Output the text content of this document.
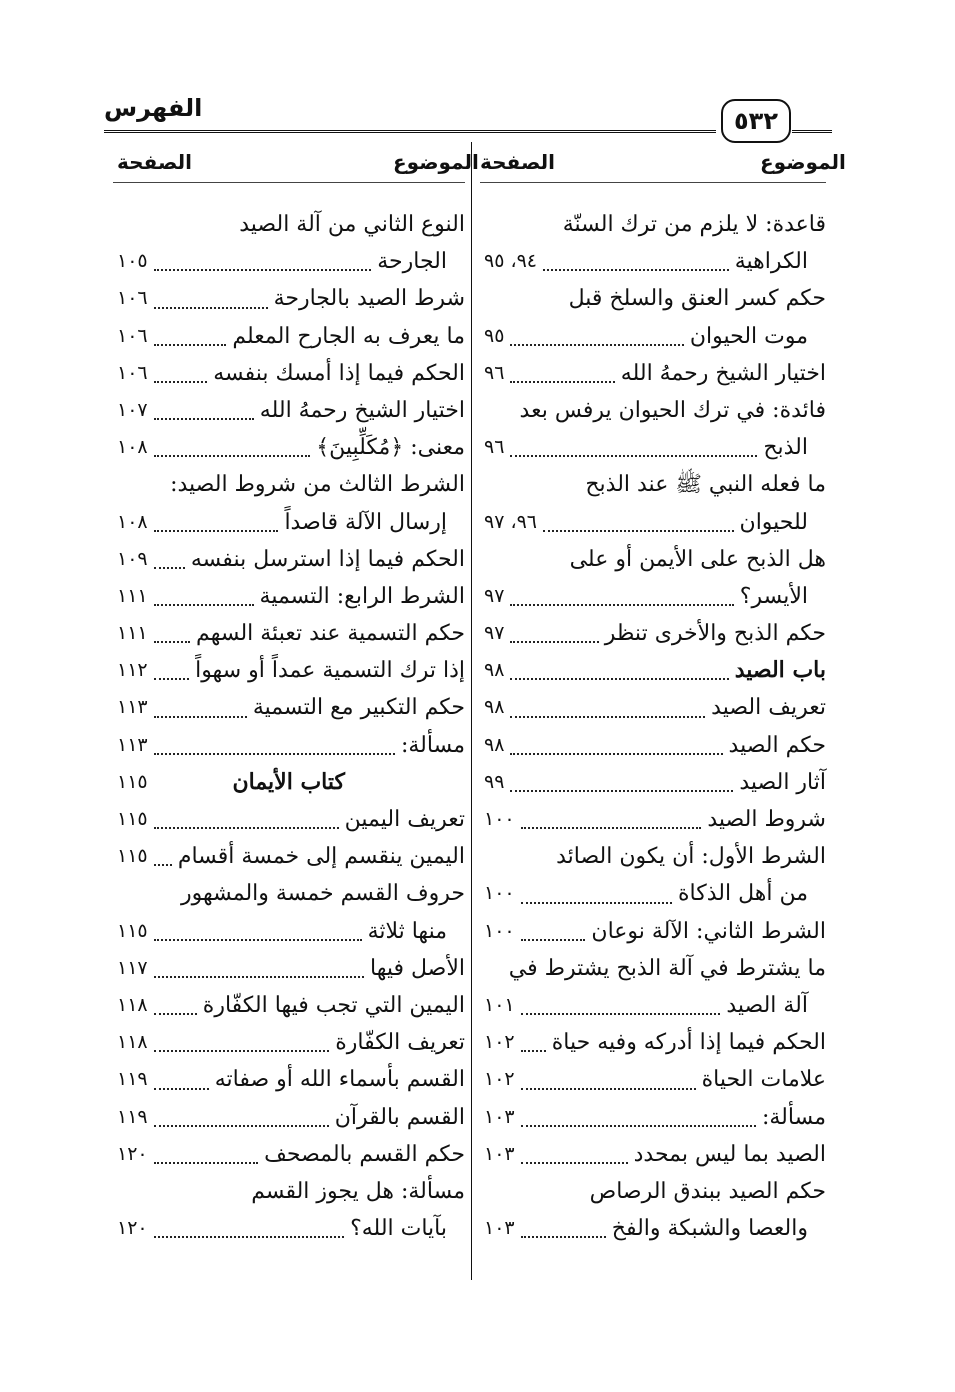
الفهرس	٥٣٢
الموضوع
الصفحة
الموضوع
الصفحة
قاعدة: لا يلزم من ترك السنّة
الكراهية
٩٤، ٩٥
حكم كسر العنق والسلخ قبل
موت الحيوان
٩٥
اختيار الشيخ رحمهُ الله
٩٦
فائدة: في ترك الحيوان يرفس بعد
الذبح
٩٦
ما فعله النبي ﷺ عند الذبح
للحيوان
٩٦، ٩٧
هل الذبح على الأيمن أو على
الأيسر؟
٩٧
حكم الذبح والأخرى تنظر
٩٧
باب الصيد
٩٨
تعريف الصيد
٩٨
حكم الصيد
٩٨
آثار الصيد
٩٩
شروط الصيد
١٠٠
الشرط الأول: أن يكون الصائد
من أهل الذكاة
١٠٠
الشرط الثاني: الآلة نوعان
١٠٠
ما يشترط في آلة الذبح يشترط في
آلة الصيد
١٠١
الحكم فيما إذا أدركه وفيه حياة
١٠٢
علامات الحياة
١٠٢
مسألة:
١٠٣
الصيد بما ليس بمحدد
١٠٣
حكم الصيد ببندق الرصاص
والعصا والشبكة والفخ
١٠٣
النوع الثاني من آلة الصيد
الجارحة
١٠٥
شرط الصيد بالجارحة
١٠٦
ما يعرف به الجارح المعلم
١٠٦
الحكم فيما إذا أمسك بنفسه
١٠٦
اختيار الشيخ رحمهُ الله
١٠٧
معنى: ﴿مُكَلِّبِينَ﴾
١٠٨
الشرط الثالث من شروط الصيد:
إرسال الآلة قاصداً
١٠٨
الحكم فيما إذا استرسل بنفسه
١٠٩
الشرط الرابع: التسمية
١١١
حكم التسمية عند تعبئة السهم
١١١
إذا ترك التسمية عمداً أو سهواً
١١٢
حكم التكبير مع التسمية
١١٣
مسألة:
١١٣
كتاب الأيمان
١١٥
تعريف اليمين
١١٥
اليمين ينقسم إلى خمسة أقسام
١١٥
حروف القسم خمسة والمشهور
منها ثلاثة
١١٥
الأصل فيها
١١٧
اليمين التي تجب فيها الكفّارة
١١٨
تعريف الكفّارة
١١٨
القسم بأسماء الله أو صفاته
١١٩
القسم بالقرآن
١١٩
حكم القسم بالمصحف
١٢٠
مسألة: هل يجوز القسم
بآيات الله؟
١٢٠
